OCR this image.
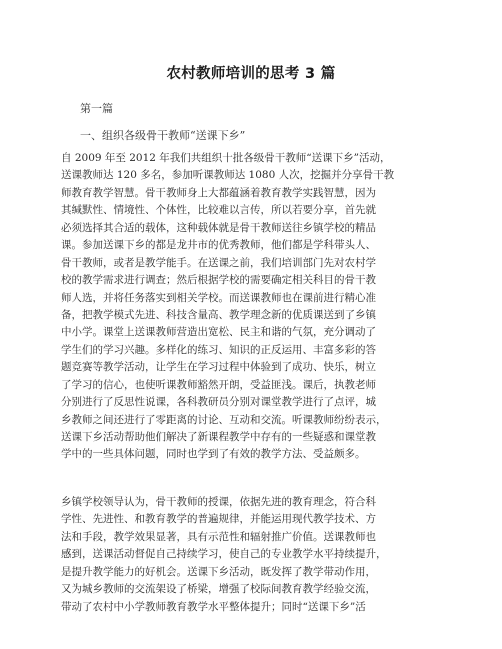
农村教师培训的思考 3 篇
第一篇
一、组织各级骨干教师“送课下乡”
自 2009 年至 2012 年我们共组织十批各级骨干教师“送课下乡”活动，
送课教师达 120 多名，参加听课教师达 1080 人次，挖掘并分享骨干教
师教育教学智慧。骨干教师身上大都蕴涵着教育教学实践智慧，因为
其缄默性、情境性、个体性，比较难以言传，所以若要分享，首先就
必须选择其合适的载体，这种载体就是骨干教师送往乡镇学校的精品
课。参加送课下乡的都是龙井市的优秀教师，他们都是学科带头人、
骨干教师，或者是教学能手。在送课之前，我们培训部门先对农村学
校的教学需求进行调查；然后根据学校的需要确定相关科目的骨干教
师人选，并将任务落实到相关学校。而送课教师也在课前进行精心准
备，把教学模式先进、科技含量高、教学理念新的优质课送到了乡镇
中小学。课堂上送课教师营造出宽松、民主和谐的气氛，充分调动了
学生们的学习兴趣。多样化的练习、知识的正反运用、丰富多彩的答
题竞赛等教学活动，让学生在学习过程中体验到了成功、快乐，树立
了学习的信心，也使听课教师豁然开朗，受益匪浅。课后，执教老师
分别进行了反思性说课，各科教研员分别对课堂教学进行了点评，城
乡教师之间还进行了零距离的讨论、互动和交流。听课教师纷纷表示，
送课下乡活动帮助他们解决了新课程教学中存有的一些疑惑和课堂教
学中的一些具体问题，同时也学到了有效的教学方法、受益颇多。
乡镇学校领导认为，骨干教师的授课，依据先进的教育理念，符合科
学性、先进性、和教育教学的普遍规律，并能运用现代教学技术、方
法和手段，教学效果显著，具有示范性和辐射推广价值。送课教师也
感到，送课活动督促自己持续学习，使自己的专业教学水平持续提升，
是提升教学能力的好机会。送课下乡活动，既发挥了教学带动作用，
又为城乡教师的交流架设了桥梁，增强了校际间教育教学经验交流，
带动了农村中小学教师教育教学水平整体提升；同时“送课下乡”活
